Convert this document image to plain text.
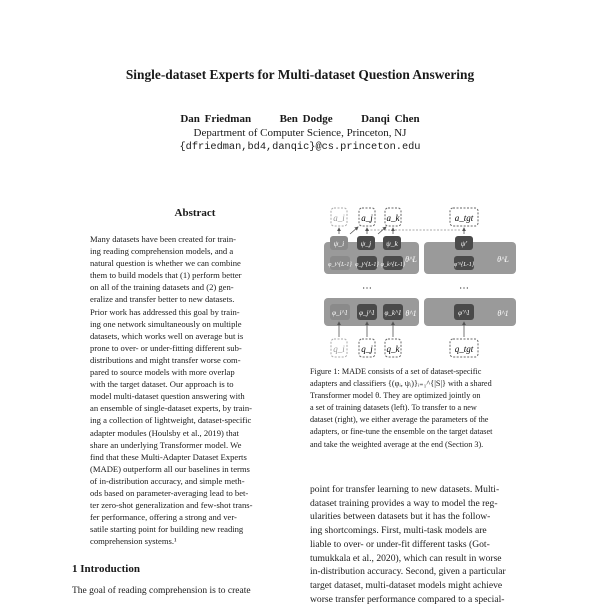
Single-dataset Experts for Multi-dataset Question Answering
Dan Friedman	Ben Dodge	Danqi Chen
Department of Computer Science, Princeton, NJ
{dfriedman,bd4,danqic}@cs.princeton.edu
Abstract
Many datasets have been created for train-
ing reading comprehension models, and a
natural question is whether we can combine
them to build models that (1) perform better
on all of the training datasets and (2) gen-
eralize and transfer better to new datasets.
Prior work has addressed this goal by train-
ing one network simultaneously on multiple
datasets, which works well on average but is
prone to over- or under-fitting different sub-
distributions and might transfer worse com-
pared to source models with more overlap
with the target dataset. Our approach is to
model multi-dataset question answering with
an ensemble of single-dataset experts, by train-
ing a collection of lightweight, dataset-specific
adapter modules (Houlsby et al., 2019) that
share an underlying Transformer model. We
find that these Multi-Adapter Dataset Experts
(MADE) outperform all our baselines in terms
of in-distribution accuracy, and simple meth-
ods based on parameter-averaging lead to bet-
ter zero-shot generalization and few-shot trans-
fer performance, offering a strong and ver-
satile starting point for building new reading
comprehension systems.¹
1 Introduction
The goal of reading comprehension is to create
a_i a_j a_k	a_tgt
ψ_i ψ_j ψ_k	ψ'
φ_i^{L-1} φ_j^{L-1} φ_k^{L-1}	φ'^{L-1}
θ^L	θ^L
⋯	⋯
φ_i^1 φ_j^1 φ_k^1	φ'^1
θ^1	θ^1
q_i q_j q_k	q_tgt
Figure 1: MADE consists of a set of dataset-specific
adapters and classifiers {(φᵢ, ψᵢ)}ᵢ₌₁^{|S|} with a shared
Transformer model θ. They are optimized jointly on
a set of training datasets (left). To transfer to a new
dataset (right), we either average the parameters of the
adapters, or fine-tune the ensemble on the target dataset
and take the weighted average at the end (Section 3).
point for transfer learning to new datasets. Multi-
dataset training provides a way to model the reg-
ularities between datasets but it has the follow-
ing shortcomings. First, multi-task models are
liable to over- or under-fit different tasks (Got-
tumukkala et al., 2020), which can result in worse
in-distribution accuracy. Second, given a particular
target dataset, multi-dataset models might achieve
worse transfer performance compared to a special-
